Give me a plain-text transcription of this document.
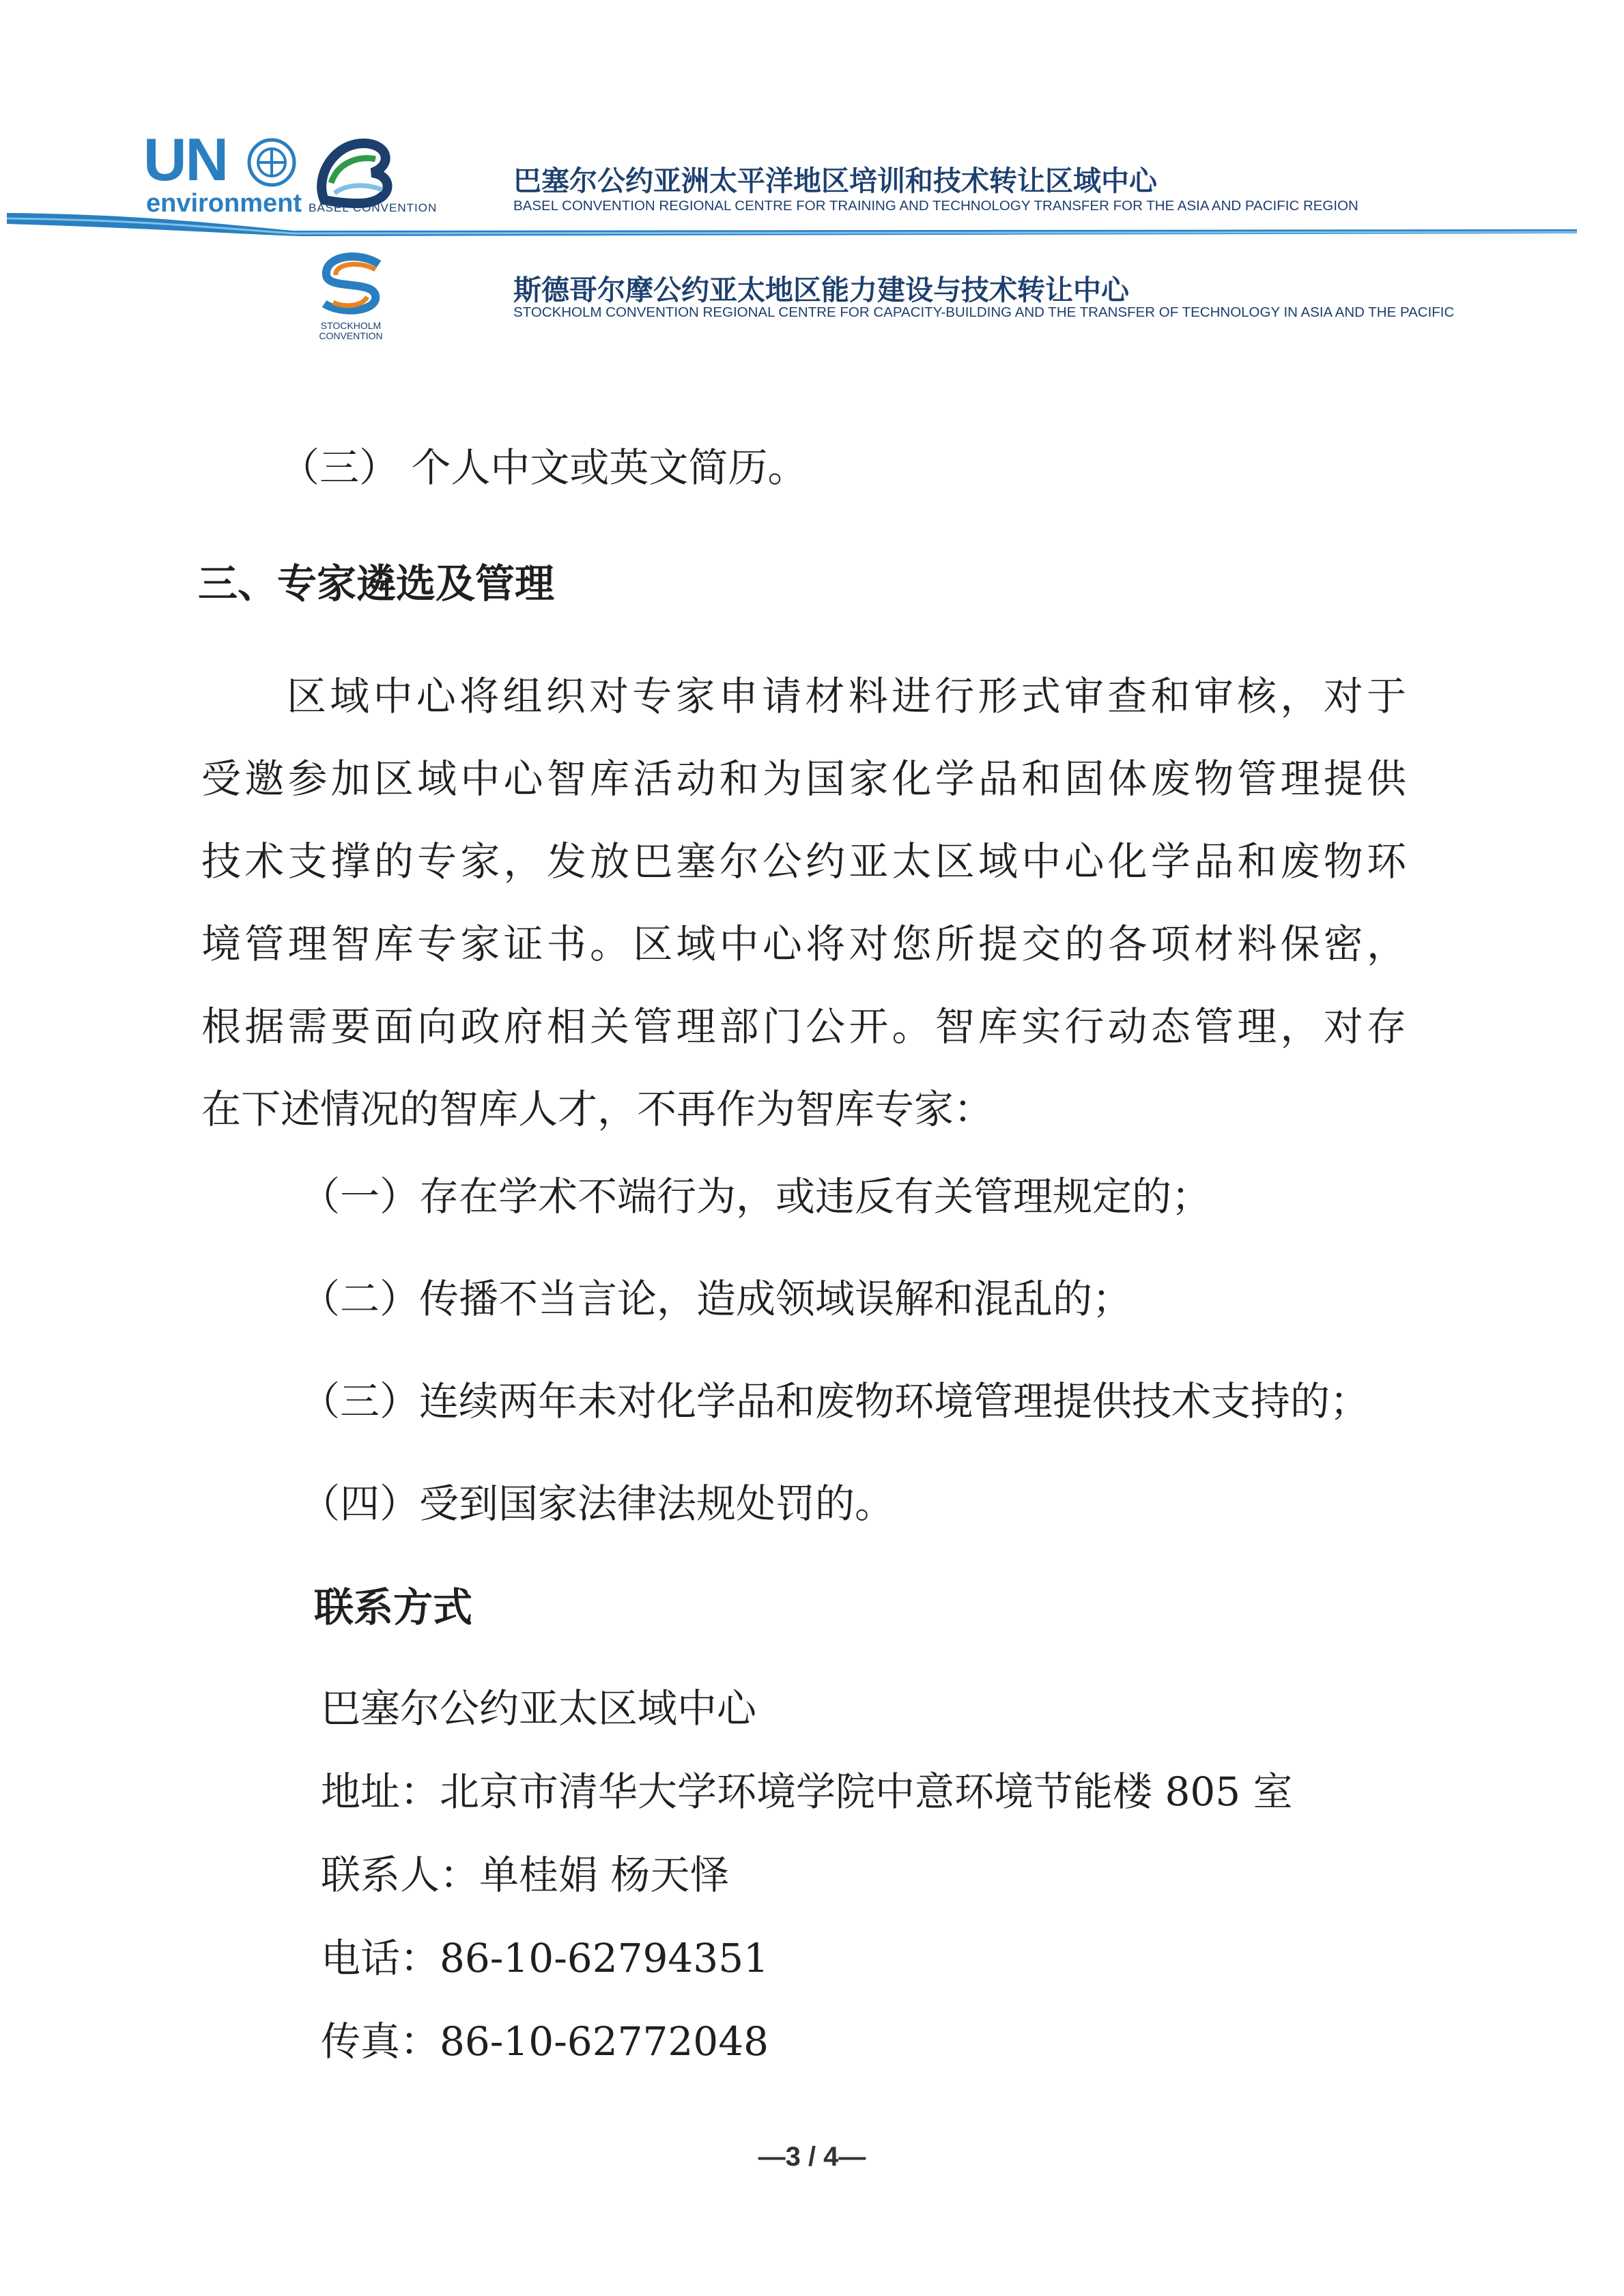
UN
environment BASEL CONVENTION
STOCKHOLM CONVENTION
巴塞尔公约亚洲太平洋地区培训和技术转让区域中心
BASEL CONVENTION REGIONAL CENTRE FOR TRAINING AND TECHNOLOGY TRANSFER FOR THE ASIA AND PACIFIC REGION
斯德哥尔摩公约亚太地区能力建设与技术转让中心
STOCKHOLM CONVENTION REGIONAL CENTRE FOR CAPACITY-BUILDING AND THE TRANSFER OF TECHNOLOGY IN ASIA AND THE PACIFIC
（三） 个人中文或英文简历。
三、专家遴选及管理
区域中心将组织对专家申请材料进行形式审查和审核，对于
受邀参加区域中心智库活动和为国家化学品和固体废物管理提供
技术支撑的专家，发放巴塞尔公约亚太区域中心化学品和废物环
境管理智库专家证书。区域中心将对您所提交的各项材料保密，
根据需要面向政府相关管理部门公开。智库实行动态管理，对存
在下述情况的智库人才，不再作为智库专家：
（一）存在学术不端行为，或违反有关管理规定的；
（二）传播不当言论，造成领域误解和混乱的；
（三）连续两年未对化学品和废物环境管理提供技术支持的；
（四）受到国家法律法规处罚的。
联系方式
巴塞尔公约亚太区域中心
地址：北京市清华大学环境学院中意环境节能楼 805 室
联系人：单桂娟 杨天怿
电话：86-10-62794351
传真：86-10-62772048
—3 / 4—
